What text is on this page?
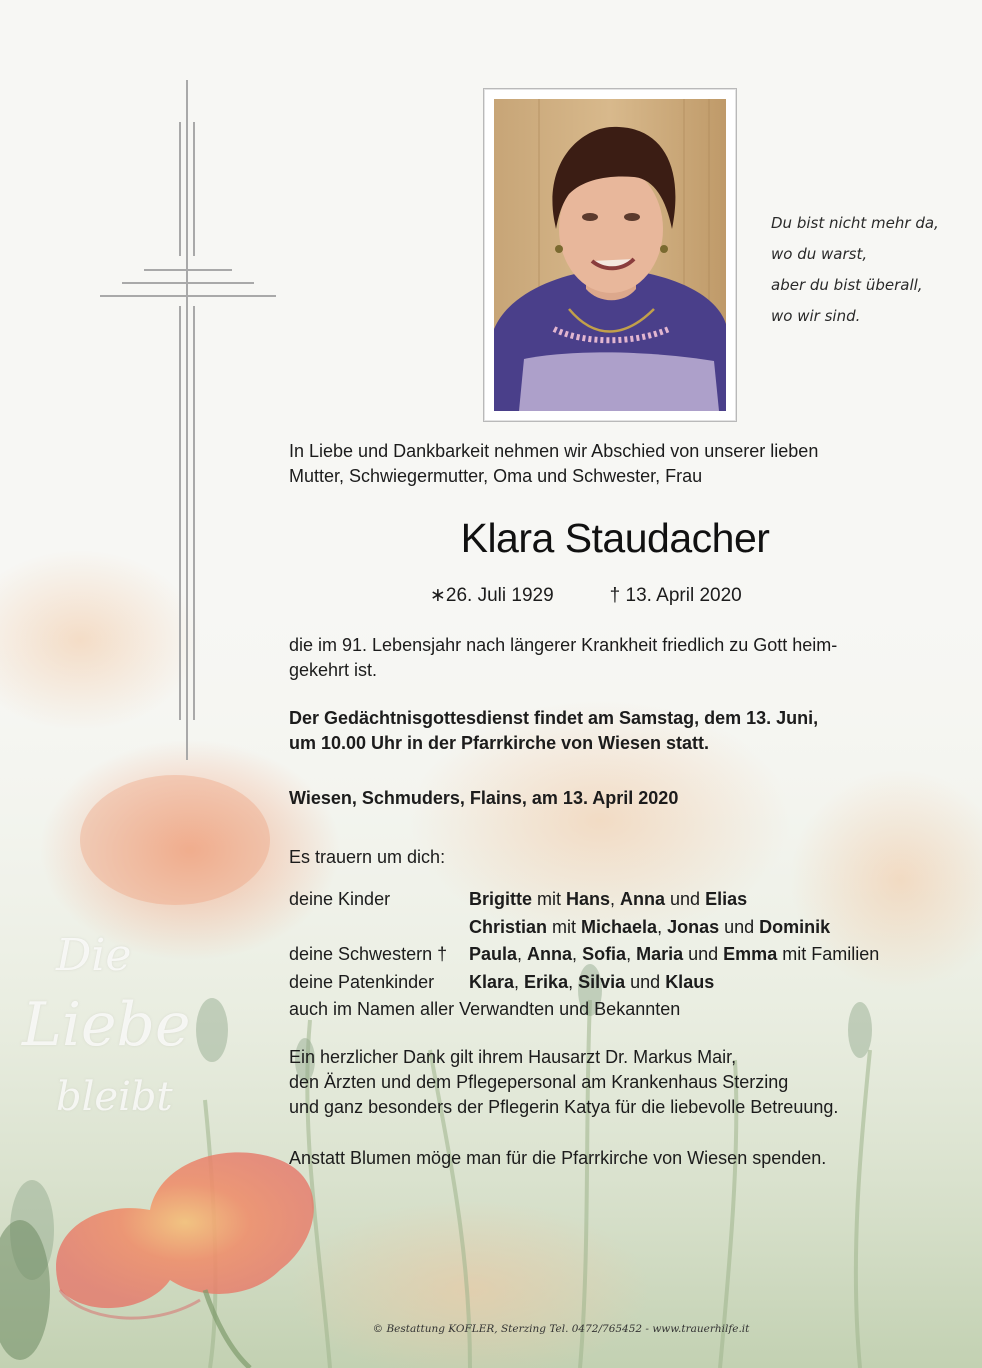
Du bist nicht mehr da,
wo du warst,
aber du bist überall,
wo wir sind.
In Liebe und Dankbarkeit nehmen wir Abschied von unserer lieben
Mutter, Schwiegermutter, Oma und Schwester, Frau
Klara Staudacher
∗26. Juli 1929	† 13. April 2020
die im 91. Lebensjahr nach längerer Krankheit friedlich zu Gott heim-
gekehrt ist.
Der Gedächtnisgottesdienst findet am Samstag, dem 13. Juni,
um 10.00 Uhr in der Pfarrkirche von Wiesen statt.
Wiesen, Schmuders, Flains, am 13. April 2020
Es trauern um dich:
deine Kinder	Brigitte mit Hans, Anna und Elias
Christian mit Michaela, Jonas und Dominik
deine Schwestern † Paula, Anna, Sofia, Maria und Emma mit Familien
deine Patenkinder Klara, Erika, Silvia und Klaus
auch im Namen aller Verwandten und Bekannten
Ein herzlicher Dank gilt ihrem Hausarzt Dr. Markus Mair,
den Ärzten und dem Pflegepersonal am Krankenhaus Sterzing
und ganz besonders der Pflegerin Katya für die liebevolle Betreuung.
Anstatt Blumen möge man für die Pfarrkirche von Wiesen spenden.
Die
Liebe
bleibt
© Bestattung KOFLER, Sterzing Tel. 0472/765452 - www.trauerhilfe.it
